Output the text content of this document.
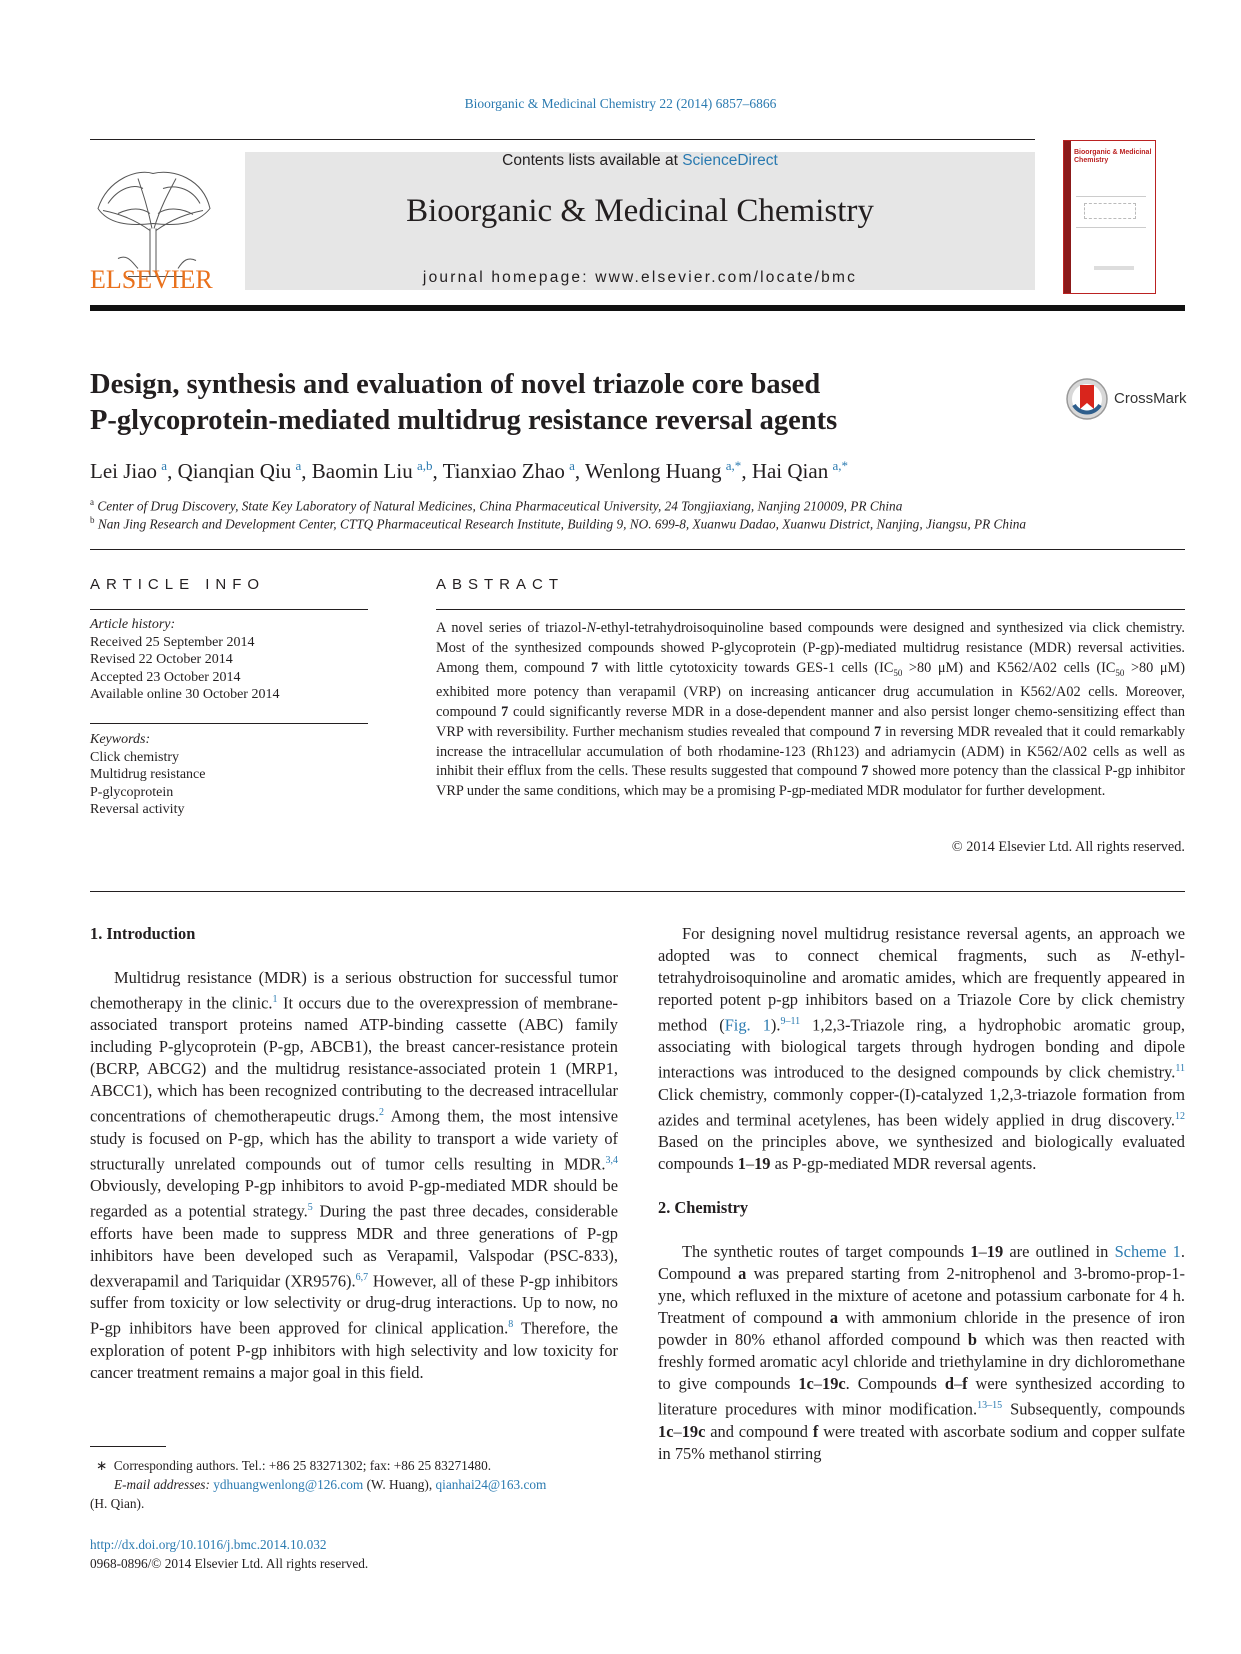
Bioorganic & Medicinal Chemistry 22 (2014) 6857–6866
ELSEVIER
Contents lists available at ScienceDirect
Bioorganic & Medicinal Chemistry
journal homepage: www.elsevier.com/locate/bmc
Bioorganic & Medicinal Chemistry
Design, synthesis and evaluation of novel triazole core based
P-glycoprotein-mediated multidrug resistance reversal agents
CrossMark
Lei Jiao  $^a$, Qianqian Qiu  $^a$, Baomin Liu  $^{a,b}$, Tianxiao Zhao  $^a$, Wenlong Huang  $^{a,*}$, Hai Qian  $^{a,*}$
$^a$ Center of Drug Discovery, State Key Laboratory of Natural Medicines, China Pharmaceutical University, 24 Tongjiaxiang, Nanjing 210009, PR China
$^b$ Nan Jing Research and Development Center, CTTQ Pharmaceutical Research Institute, Building 9, NO. 699-8, Xuanwu Dadao, Xuanwu District, Nanjing, Jiangsu, PR China
ARTICLE INFO
Article history:
Received 25 September 2014
Revised 22 October 2014
Accepted 23 October 2014
Available online 30 October 2014
Keywords:
Click chemistry
Multidrug resistance
P-glycoprotein
Reversal activity
ABSTRACT
A novel series of triazol-N-ethyl-tetrahydroisoquinoline based compounds were designed and synthesized via click chemistry. Most of the synthesized compounds showed P-glycoprotein (P-gp)-mediated multidrug resistance (MDR) reversal activities. Among them, compound 7 with little cytotoxicity towards GES-1 cells ($IC_{50} >80$ μM) and K562/A02 cells ($IC_{50} >80$ μM) exhibited more potency than verapamil (VRP) on increasing anticancer drug accumulation in K562/A02 cells. Moreover, compound 7 could significantly reverse MDR in a dose-dependent manner and also persist longer chemo-sensitizing effect than VRP with reversibility. Further mechanism studies revealed that compound 7 in reversing MDR revealed that it could remarkably increase the intracellular accumulation of both rhodamine-123 (Rh123) and adriamycin (ADM) in K562/A02 cells as well as inhibit their efflux from the cells. These results suggested that compound 7 showed more potency than the classical P-gp inhibitor VRP under the same conditions, which may be a promising P-gp-mediated MDR modulator for further development.
© 2014 Elsevier Ltd. All rights reserved.
1. Introduction

Multidrug resistance (MDR) is a serious obstruction for successful tumor chemotherapy in the clinic.$^1$ It occurs due to the overexpression of membrane-associated transport proteins named ATP-binding cassette (ABC) family including P-glycoprotein (P-gp, ABCB1), the breast cancer-resistance protein (BCRP, ABCG2) and the multidrug resistance-associated protein 1 (MRP1, ABCC1), which has been recognized contributing to the decreased intracellular concentrations of chemotherapeutic drugs.$^2$ Among them, the most intensive study is focused on P-gp, which has the ability to transport a wide variety of structurally unrelated compounds out of tumor cells resulting in MDR.$^{3,4}$ Obviously, developing P-gp inhibitors to avoid P-gp-mediated MDR should be regarded as a potential strategy.$^5$ During the past three decades, considerable efforts have been made to suppress MDR and three generations of P-gp inhibitors have been developed such as Verapamil, Valspodar (PSC-833), dexverapamil and Tariquidar (XR9576).$^{6,7}$ However, all of these P-gp inhibitors suffer from toxicity or low selectivity or drug-drug interactions. Up to now, no P-gp inhibitors have been approved for clinical application.$^8$ Therefore, the exploration of potent P-gp inhibitors with high selectivity and low toxicity for cancer treatment remains a major goal in this field.

∗  Corresponding authors. Tel.: +86 25 83271302; fax: +86 25 83271480.
E-mail addresses: ydhuangwenlong@126.com (W. Huang), qianhai24@163.com
(H. Qian).
http://dx.doi.org/10.1016/j.bmc.2014.10.032
0968-0896/© 2014 Elsevier Ltd. All rights reserved.

For designing novel multidrug resistance reversal agents, an approach we adopted was to connect chemical fragments, such as N-ethyl-tetrahydroisoquinoline and aromatic amides, which are frequently appeared in reported potent p-gp inhibitors based on a Triazole Core by click chemistry method (Fig. 1).$^{9-11}$ 1,2,3-Triazole ring, a hydrophobic aromatic group, associating with biological targets through hydrogen bonding and dipole interactions was introduced to the designed compounds by click chemistry.$^{11}$ Click chemistry, commonly copper-(I)-catalyzed 1,2,3-triazole formation from azides and terminal acetylenes, has been widely applied in drug discovery.$^{12}$ Based on the principles above, we synthesized and biologically evaluated compounds 1–19 as P-gp-mediated MDR reversal agents.

2. Chemistry

The synthetic routes of target compounds 1–19 are outlined in Scheme 1. Compound a was prepared starting from 2-nitrophenol and 3-bromo-prop-1-yne, which refluxed in the mixture of acetone and potassium carbonate for 4 h. Treatment of compound a with ammonium chloride in the presence of iron powder in 80% ethanol afforded compound b which was then reacted with freshly formed aromatic acyl chloride and triethylamine in dry dichloromethane to give compounds 1c–19c. Compounds d–f were synthesized according to literature procedures with minor modification.$^{13-15}$ Subsequently, compounds 1c–19c and compound f were treated with ascorbate sodium and copper sulfate in 75% methanol stirring
